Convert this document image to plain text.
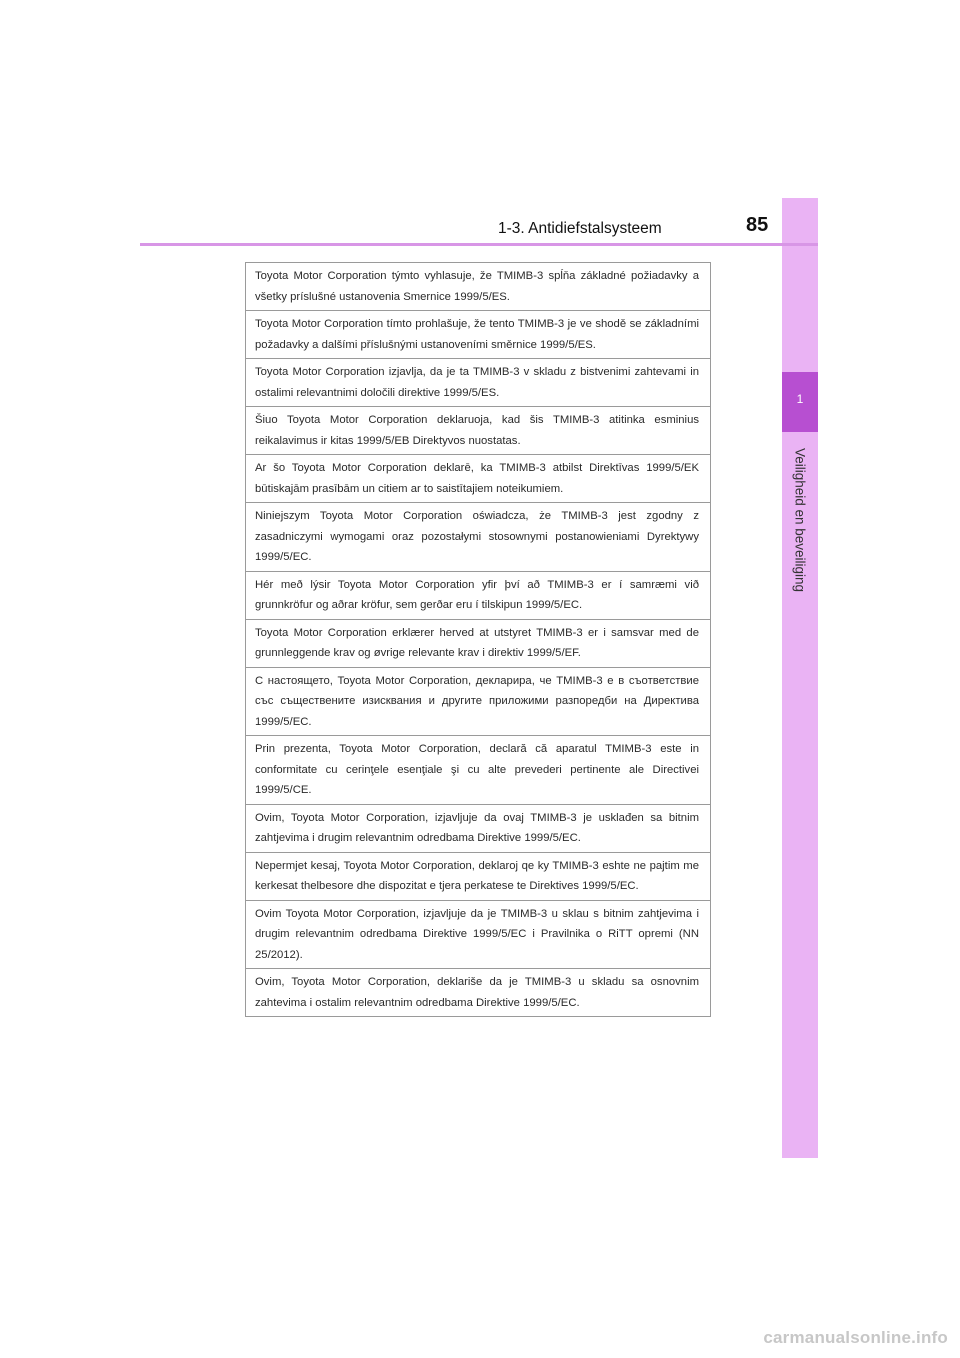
1
Veiligheid en beveiliging
1-3. Antidiefstalsysteem	85
Toyota Motor Corporation týmto vyhlasuje, že TMIMB-3 spĺňa základné požiadavky a všetky príslušné ustanovenia Smernice 1999/5/ES.
Toyota Motor Corporation tímto prohlašuje, že tento TMIMB-3 je ve shodě se základními požadavky a dalšími příslušnými ustanoveními směrnice 1999/5/ES.
Toyota Motor Corporation izjavlja, da je ta TMIMB-3 v skladu z bistvenimi zahtevami in ostalimi relevantnimi določili direktive 1999/5/ES.
Šiuo Toyota Motor Corporation deklaruoja, kad šis TMIMB-3 atitinka esminius reikalavimus ir kitas 1999/5/EB Direktyvos nuostatas.
Ar šo Toyota Motor Corporation deklarē, ka TMIMB-3 atbilst Direktīvas 1999/5/EK būtiskajām prasībām un citiem ar to saistītajiem noteikumiem.
Niniejszym Toyota Motor Corporation oświadcza, że TMIMB-3 jest zgodny z zasadniczymi wymogami oraz pozostałymi stosownymi postanowieniami Dyrektywy 1999/5/EC.
Hér með lýsir Toyota Motor Corporation yfir því að TMIMB-3 er í samræmi við grunnkröfur og aðrar kröfur, sem gerðar eru í tilskipun 1999/5/EC.
Toyota Motor Corporation erklærer herved at utstyret TMIMB-3 er i samsvar med de grunnleggende krav og øvrige relevante krav i direktiv 1999/5/EF.
С настоящето, Toyota Motor Corporation, декларира, че TMIMB-3 е в съответствие със съществените изисквания и другите приложими разпоредби на Директива 1999/5/EC.
Prin prezenta, Toyota Motor Corporation, declară că aparatul TMIMB-3 este in conformitate cu cerinţele esenţiale şi cu alte prevederi pertinente ale Directivei 1999/5/CE.
Ovim, Toyota Motor Corporation, izjavljuje da ovaj TMIMB-3 je usklađen sa bitnim zahtjevima i drugim relevantnim odredbama Direktive 1999/5/EC.
Nepermjet kesaj, Toyota Motor Corporation, deklaroj qe ky TMIMB-3 eshte ne pajtim me kerkesat thelbesore dhe dispozitat e tjera perkatese te Direktives 1999/5/EC.
Ovim Toyota Motor Corporation, izjavljuje da je TMIMB-3 u sklau s bitnim zahtjevima i drugim relevantnim odredbama Direktive 1999/5/EC i Pravilnika o RiTT opremi (NN 25/2012).
Ovim, Toyota Motor Corporation, deklariše da je TMIMB-3 u skladu sa osnovnim zahtevima i ostalim relevantnim odredbama Direktive 1999/5/EC.
carmanualsonline.info
